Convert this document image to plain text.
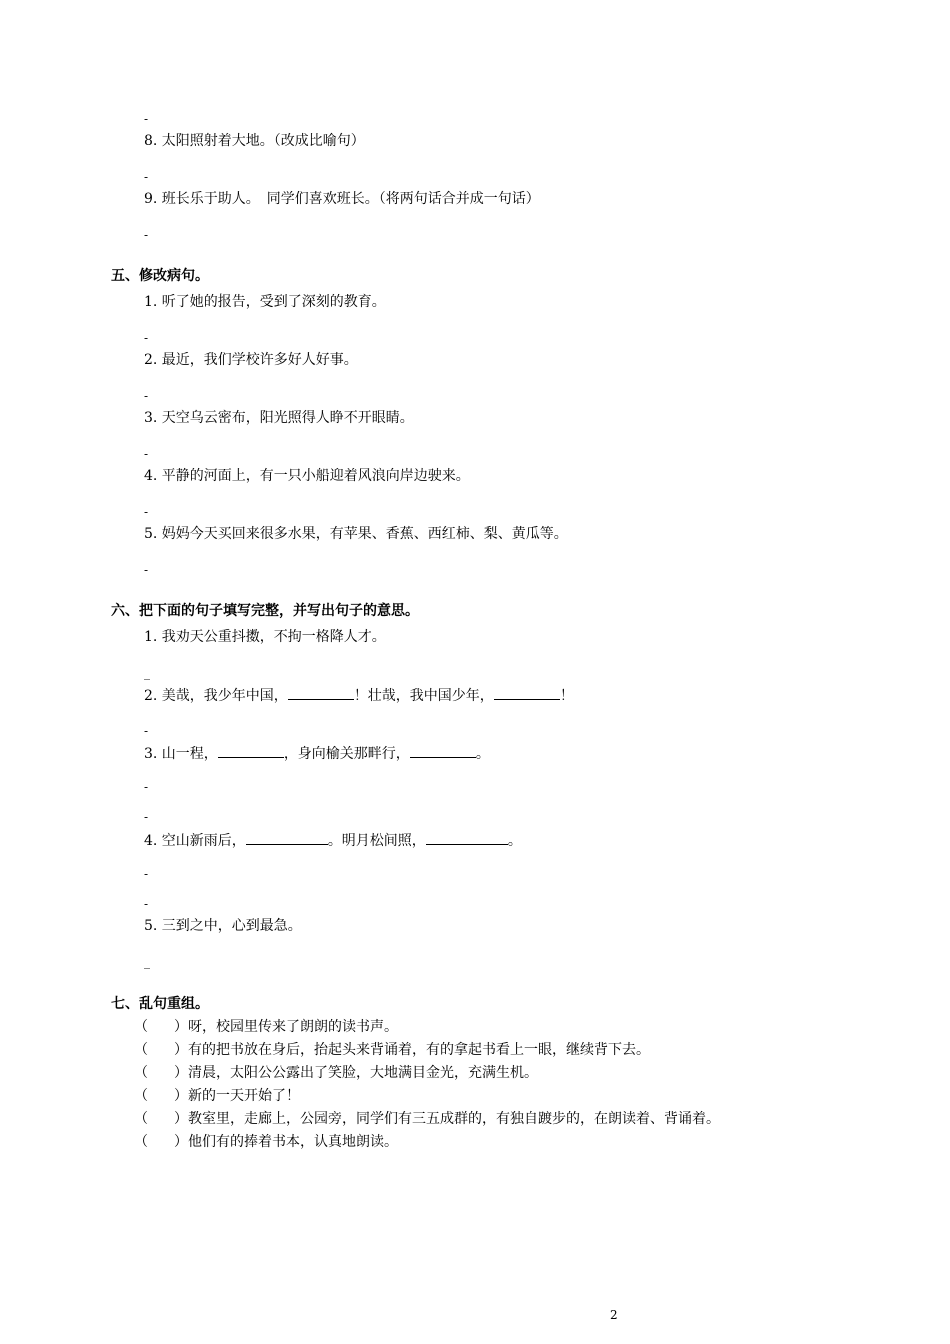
-
8. 太阳照射着大地。（改成比喻句）
-
9. 班长乐于助人。　同学们喜欢班长。（将两句话合并成一句话）
-
五、修改病句。
1. 听了她的报告，受到了深刻的教育。
-
2. 最近，我们学校许多好人好事。
-
3. 天空乌云密布，阳光照得人睁不开眼睛。
-
4. 平静的河面上，有一只小船迎着风浪向岸边驶来。
-
5. 妈妈今天买回来很多水果，有苹果、香蕉、西红柿、梨、黄瓜等。
-
六、把下面的句子填写完整，并写出句子的意思。
1. 我劝天公重抖擞，不拘一格降人才。
_
2. 美哉，我少年中国，	！壮哉，我中国少年，	！
-
3. 山一程，	，身向榆关那畔行，	。
-
-
4. 空山新雨后，	。明月松间照，	。
-
-
5. 三到之中，心到最急。
_
七、乱句重组。
（ ）呀，校园里传来了朗朗的读书声。
（ ）有的把书放在身后，抬起头来背诵着，有的拿起书看上一眼，继续背下去。
（ ）清晨，太阳公公露出了笑脸，大地满目金光，充满生机。
（ ）新的一天开始了！
（ ）教室里，走廊上，公园旁，同学们有三五成群的，有独自踱步的，在朗读着、背诵着。
（ ）他们有的捧着书本，认真地朗读。
2
